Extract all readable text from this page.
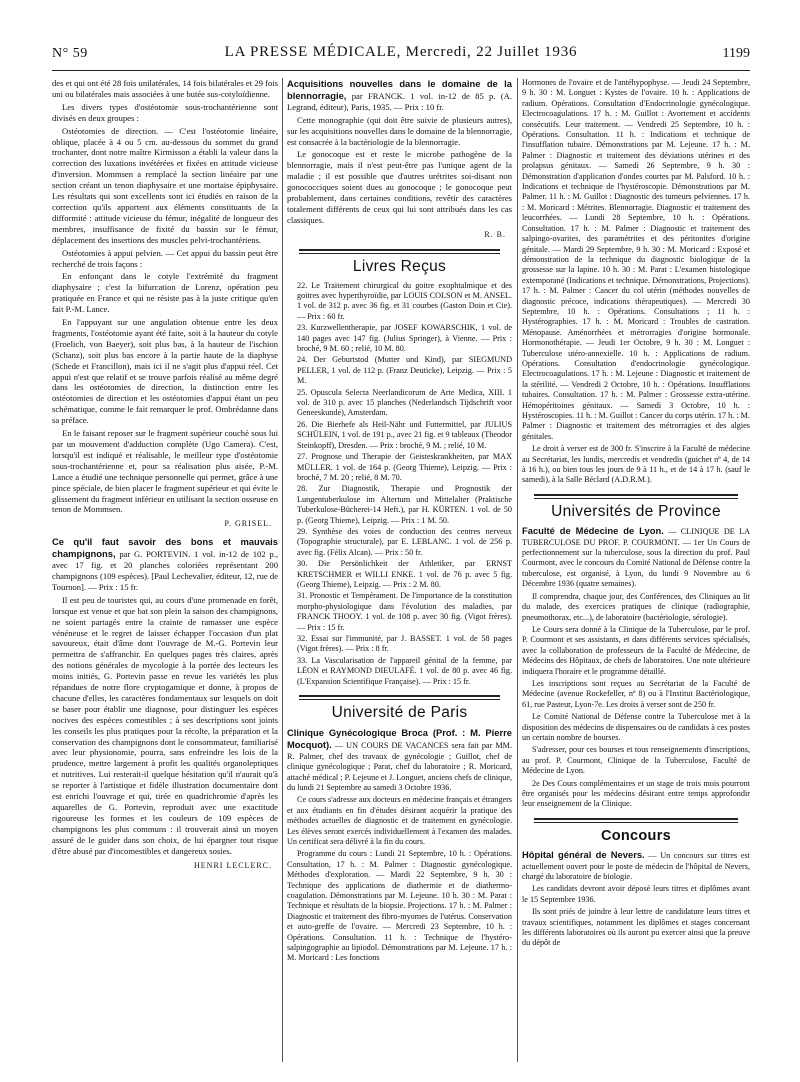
N° 59	LA PRESSE MÉDICALE, Mercredi, 22 Juillet 1936	1199

des et qui ont été 28 fois unilatérales, 14 fois bilatérales et 29 fois uni ou bilatérales mais associées à une butée sus-cotyloïdienne.

Les divers types d'ostéotomie sous-trochantérienne sont divisés en deux groupes :

Ostéotomies de direction. — C'est l'ostéotomie linéaire, oblique, placée à 4 ou 5 cm. au-dessous du sommet du grand trochanter, dont notre maître Kirmisson a établi la valeur dans la correction des luxations invétérées et fixées en attitude vicieuse d'inversion. Mommsen a remplacé la section linéaire par une section créant un tenon diaphysaire et une mortaise épiphysaire. Les résultats qui sont excellents sont ici étudiés en raison de la correction qu'ils apportent aux éléments constituants de la difformité : attitude vicieuse du fémur, inégalité de longueur des membres, insuffisance de fixité du bassin sur le fémur, déplacement des insertions des muscles pelvi-trochantériens.

Ostéotomies à appui pelvien. — Cet appui du bassin peut être recherché de trois façons :

En enfonçant dans le cotyle l'extrémité du fragment diaphysaire ; c'est la bifurcation de Lorenz, opération peu pratiquée en France et qui ne résiste pas à la juste critique qu'en fait P.-M. Lance.

En l'appuyant sur une angulation obtenue entre les deux fragments, l'ostéotomie ayant été faite, soit à la hauteur du cotyle (Froelich, von Baeyer), soit plus bas, à la hauteur de l'ischion (Schanz), soit plus bas encore à la partie haute de la diaphyse (Schede et Francillon), mais ici il ne s'agit plus d'appui réel. Cet appui n'est que relatif et se trouve parfois réalisé au même degré dans les ostéotomies de direction, la distinction entre les ostéotomies de direction et les ostéotomies d'appui étant un peu schématique, comme le fait remarquer le prof. Ombrédanne dans sa préface.

En le faisant reposer sur le fragment supérieur couché sous lui par un mouvement d'adduction complète (Ugo Camera). C'est, lorsqu'il est indiqué et réalisable, le meilleur type d'ostéotomie sous-trochantérienne et, pour sa réalisation plus aisée, P.-M. Lance a étudié une technique personnelle qui permet, grâce à une pince spéciale, de bien placer le fragment supérieur et qui évite le glissement du fragment inférieur en utilisant la section osseuse en tenon de Mommsen.

P. GRISEL.

Ce qu'il faut savoir des bons et mauvais champignons, par G. PORTEVIN. 1 vol. in-12 de 102 p., avec 17 fig. et 20 planches coloriées représentant 200 champignons (109 espèces). [Paul Lechevalier, éditeur, 12, rue de Tournon]. — Prix : 15 fr.

Il est peu de touristes qui, au cours d'une promenade en forêt, lorsque est venue et que bat son plein la saison des champignons, ne soient partagés entre la crainte de ramasser une espèce vénéneuse et le regret de laisser échapper l'occasion d'un plat savoureux, était d'âme dont l'ouvrage de M.-G. Portevin leur permettra de s'affranchir. En quelques pages très claires, après des notions générales de mycologie à la portée des lecteurs les moins initiés, G. Portevin passe en revue les variétés les plus répandues de notre flore cryptogamique et donne, à propos de chacune d'elles, les caractères fondamentaux sur lesquels on doit se baser pour établir une diagnose, pour distinguer les espèces nocives des espèces comestibles ; à ses descriptions sont joints les conseils les plus pratiques pour la récolte, la préparation et la conservation des champignons dont le consommateur, familiarisé avec leur physionomie, pourra, sans enfreindre les lois de la prudence, mettre largement à profit les qualités organoleptiques et nutritives. Lui resterait-il quelque hésitation qu'il n'aurait qu'à se reporter à l'artistique et fidèle illustration documentaire dont est enrichi l'ouvrage et qui, tirée en quadrichromie d'après les aquarelles de G. Portevin, reproduit avec une exactitude rigoureuse les formes et les couleurs de 109 espèces de champignons les plus communs : il trouverait ainsi un moyen assuré de le guider dans son choix, de lui épargner tout risque d'être abusé par d'incomestibles et dangereux sosies.

HENRI LECLERC.

Acquisitions nouvelles dans le domaine de la blennorragie, par FRANCK. 1 vol. in-12 de 85 p. (A. Legrand, éditeur), Paris, 1935. — Prix : 10 fr.

Cette monographie (qui doit être suivie de plusieurs autres), sur les acquisitions nouvelles dans le domaine de la blennorragie, est consacrée à la bactériologie de la blennorragie.

Le gonocoque est et reste le microbe pathogène de la blennorragie, mais il n'est peut-être pas l'unique agent de la maladie ; il est possible que d'autres urétrites soi-disant non gonococciques soient dues au gonocoque ; le gonocoque peut probablement, dans certaines conditions, revêtir des caractères totalement différents de ceux qui lui sont attribués dans les cas classiques.

R. B.

Livres Reçus

22. Le Traitement chirurgical du goitre exophtalmique et des goitres avec hyperthyroïdie, par LOUIS COLSON et M. ANSEL. 1 vol. de 312 p. avec 36 fig. et 31 courbes (Gaston Doin et Cie). — Prix : 60 fr.

23. Kurzwellentherapie, par JOSEF KOWARSCHIK, 1 vol. de 140 pages avec 147 fig. (Julius Springer), à Vienne. — Prix : broché, 9 M. 60 ; relié, 10 M. 80.

24. Der Geburtstod (Mutter und Kind), par SIEGMUND PELLER, 1 vol. de 112 p. (Franz Deuticke), Leipzig. — Prix : 5 M.

25. Opuscula Selecta Neerlandicorum de Arte Medica, XIII. 1 vol. de 310 p. avec 15 planches (Nederlandsch Tijdschrift voor Geneeskunde), Amsterdam.

26. Die Bierhefe als Heil-Nähr und Futtermittel, par JULIUS SCHÜLEIN, 1 vol. de 191 p., avec 21 fig. et 9 tableaux (Theodor Steinkopff), Dresden. — Prix : broché, 9 M. ; relié, 10 M.

27. Prognose und Therapie der Geisteskrankheiten, par MAX MÜLLER. 1 vol. de 164 p. (Georg Thieme), Leipzig. — Prix : broché, 7 M. 20 ; relié, 8 M. 70.

28. Zur Diagnostik, Therapie und Prognostik der Lungentuberkulose im Altertum und Mittelalter (Praktische Tuberkulose-Bücherei-14 Heft.), par H. KÜRTEN. 1 vol. de 50 p. (Georg Thieme), Leipzig. — Prix : 1 M. 50.

29. Synthèse des voies de conduction des centres nerveux (Topographie structurale), par E. LEBLANC. 1 vol. de 256 p. avec fig. (Félix Alcan). — Prix : 50 fr.

30. Die Persönlichkeit der Athletiker, par ERNST KRETSCHMER et WILLI ENKE. 1 vol. de 76 p. avec 5 fig. (Georg Thieme), Leipzig. — Prix : 2 M. 80.

31. Pronostic et Tempérament. De l'importance de la constitution morpho-physiologique dans l'évolution des maladies, par FRANCK THOOY. 1 vol. de 108 p. avec 30 fig. (Vigot frères). — Prix : 15 fr.

32. Essai sur l'immunité, par J. BASSET. 1 vol. de 58 pages (Vigot frères). — Prix : 8 fr.

33. La Vascularisation de l'appareil génital de la femme, par LÉON et RAYMOND DIEULAFÉ. 1 vol. de 80 p. avec 46 fig. (L'Expansion Scientifique Française). — Prix : 15 fr.

Université de Paris

Clinique Gynécologique Broca (Prof. : M. Pierre Mocquot). — UN COURS DE VACANCES sera fait par MM. R. Palmer, chef des travaux de gynécologie ; Guillot, chef de clinique gynécologique ; Parat, chef du laboratoire ; R. Moricard, attaché médical ; P. Lejeune et J. Longuet, anciens chefs de clinique, du lundi 21 Septembre au samedi 3 Octobre 1936.

Ce cours s'adresse aux docteurs en médecine français et étrangers et aux étudiants en fin d'études désirant acquérir la pratique des méthodes actuelles de diagnostic et de traitement en gynécologie. Les élèves seront exercés individuellement à l'examen des malades. Un certificat sera délivré à la fin du cours.

Programme du cours : Lundi 21 Septembre, 10 h. : Opérations. Consultation, 17 h. : M. Palmer : Diagnostic gynécologique. Méthodes d'exploration. — Mardi 22 Septembre, 9 h. 30 : Technique des applications de diathermie et de diathermo-coagulation. Démonstrations par M. Lejeune. 10 h. 30 : M. Parat : Technique et résultats de la biopsie. Projections. 17 h. : M. Palmer : Diagnostic et traitement des fibro-myomes de l'utérus. Conservation et auto-greffe de l'ovaire. — Mercredi 23 Septembre, 10 h. : Opérations. Consultation. 11 h. : Technique de l'hystéro-salpingographie au lipiodol. Démonstrations par M. Lejeune. 17 h. : M. Moricard : Les fonctions

Hormones de l'ovaire et de l'antéhypophyse. — Jeudi 24 Septembre, 9 h. 30 : M. Longuet : Kystes de l'ovaire. 10 h. : Applications de radium. Opérations. Consultation d'Endocrinologie gynécologique. Electrocoagulations. 17 h. : M. Guillot : Avortement et accidents consécutifs. Leur traitement. — Vendredi 25 Septembre, 10 h. : Opérations. Consultation. 11 h. : Indications et technique de l'insufflation tubaire. Démonstrations par M. Lejeune. 17 h. : M. Palmer : Diagnostic et traitement des déviations utérines et des prolapsus génitaux. — Samedi 26 Septembre, 9 h. 30 : Démonstration d'application d'ondes courtes par M. Palsford. 10 h. : Indications et technique de l'hystéroscopie. Démonstrations par M. Palmer. 11 h. : M. Guillot : Diagnostic des tumeurs pelviennes. 17 h. : M. Moricard : Métrites. Blennorragie. Diagnostic et traitement des leucorrhées. — Lundi 28 Septembre, 10 h. : Opérations. Consultation. 17 h. : M. Palmer : Diagnostic et traitement des salpingo-ovarites, des paramétrites et des péritonites d'origine génitale. — Mardi 29 Septembre, 9 h. 30 : M. Moricard : Exposé et démonstration de la technique du diagnostic biologique de la grossesse sur la lapine. 10 h. 30 : M. Parat : L'examen histologique extemporané (Indications et technique. Démonstrations, Projections). 17 h. : M. Palmer : Cancer du col utérin (méthodes nouvelles de diagnostic précoce, indications thérapeutiques). — Mercredi 30 Septembre, 10 h. : Opérations. Consultations ; 11 h. : Hystérographies. 17 h. : M. Moricard : Troubles de castration. Ménopause. Aménorrhées et métrorragies d'origine hormonale. Hormonothérapie. — Jeudi 1er Octobre, 9 h. 30 : M. Longuet : Tuberculose utéro-annexielle. 10 h. : Applications de radium. Opérations. Consultation d'endocrinologie gynécologique. Electrocoagulations. 17 h. : M. Lejeune : Diagnostic et traitement de la stérilité. — Vendredi 2 Octobre, 10 h. : Opérations. Insufflations tubaires. Consultation. 17 h. : M. Palmer : Grossesse extra-utérine. Hémopéritoines génitaux. — Samedi 3 Octobre, 10 h. : Hystéroscopies. 11 h. : M. Guillot : Cancer du corps utérin. 17 h. : M. Palmer : Diagnostic et traitement des métrorragies et des algies génitales.

Le droit à verser est de 300 fr. S'inscrire à la Faculté de médecine au Secrétariat, les lundis, mercredis et vendredis (guichet nº 4, de 14 à 16 h.), ou bien tous les jours de 9 à 11 h., et de 14 à 17 h. (sauf le samedi), à la Salle Béclard (A.D.R.M.).

Universités de Province

Faculté de Médecine de Lyon. — CLINIQUE DE LA TUBERCULOSE DU PROF. P. COURMONT. — 1er Un Cours de perfectionnement sur la tuberculose, sous la direction du prof. Paul Courmont, avec le concours du Comité National de Défense contre la tuberculose, est organisé, à Lyon, du lundi 9 Novembre au 6 Décembre 1936 (quatre semaines).

Il comprendra, chaque jour, des Conférences, des Cliniques au lit du malade, des exercices pratiques de clinique (radiographie, pneumothorax, etc...), de laboratoire (bactériologie, sérologie).

Le Cours sera donné à la Clinique de la Tuberculose, par le prof. P. Courmont et ses assistants, et dans différents services spécialisés, avec la collaboration de professeurs de la Faculté de Médecine, de Médecins des Hôpitaux, de chefs de laboratoires. Une note ultérieure indiquera l'horaire et le programme détaillé.

Les inscriptions sont reçues au Secrétariat de la Faculté de Médecine (avenue Rockefeller, nº 8) ou à l'Institut Bactériologique, 61, rue Pasteur, Lyon-7e. Les droits à verser sont de 250 fr.

Le Comité National de Défense contre la Tuberculose met à la disposition des médecins de dispensaires ou de candidats à ces postes un certain nombre de bourses.

S'adresser, pour ces bourses et tous renseignements d'inscriptions, au prof. P. Courmont, Clinique de la Tuberculose, Faculté de Médecine de Lyon.

2e Des Cours complémentaires et un stage de trois mois pourront être organisés pour les médecins désirant entre temps approfondir leur enseignement de la Clinique.

Concours

Hôpital général de Nevers. — Un concours sur titres est actuellement ouvert pour le poste de médecin de l'hôpital de Nevers, chargé du laboratoire de biologie.

Les candidats devront avoir déposé leurs titres et diplômes avant le 15 Septembre 1936.

Ils sont priés de joindre à leur lettre de candidature leurs titres et travaux scientifiques, notamment les diplômes et stages concernant les différents laboratoires où ils auront pu exercer ainsi que la preuve du dépôt de
